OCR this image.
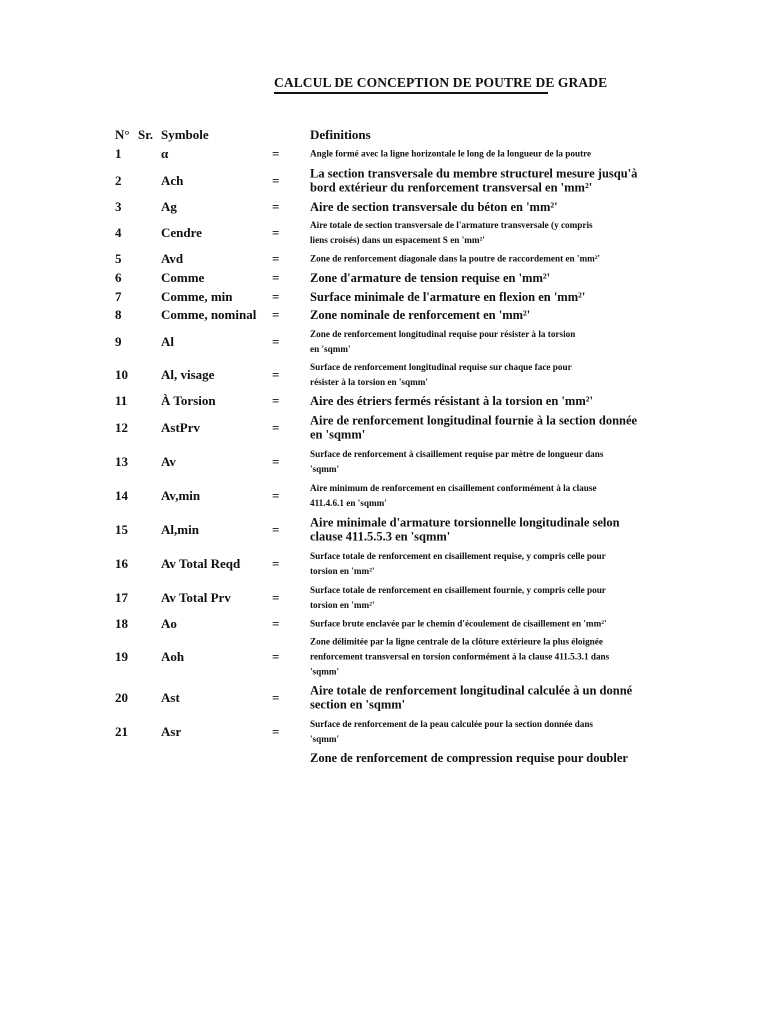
CALCUL DE CONCEPTION DE POUTRE DE GRADE
N° Sr. Symbole	Definitions
1	α	=	Angle formé avec la ligne horizontale le long de la longueur de la poutre
2	Ach	= La section transversale du membre structurel mesure jusqu'à
bord extérieur du renforcement transversal en 'mm²'
3	Ag	= Aire de section transversale du béton en 'mm²'
4	Cendre	=	Aire totale de section transversale de l'armature transversale (y compris
liens croisés) dans un espacement S en 'mm²'
5	Avd	=	Zone de renforcement diagonale dans la poutre de raccordement en 'mm²'
6	Comme	= Zone d'armature de tension requise en 'mm²'
7	Comme, min	= Surface minimale de l'armature en flexion en 'mm²'
8	Comme, nominal = Zone nominale de renforcement en 'mm²'
9	Al	=	Zone de renforcement longitudinal requise pour résister à la torsion
en 'sqmm'
10	Al, visage	=	Surface de renforcement longitudinal requise sur chaque face pour
résister à la torsion en 'sqmm'
11	À Torsion	= Aire des étriers fermés résistant à la torsion en 'mm²'
12	AstPrv	= Aire de renforcement longitudinal fournie à la section donnée
en 'sqmm'
13	Av	=	Surface de renforcement à cisaillement requise par mètre de longueur dans
'sqmm'
14	Av,min	=	Aire minimum de renforcement en cisaillement conformément à la clause
411.4.6.1 en 'sqmm'
15	Al,min	= Aire minimale d'armature torsionnelle longitudinale selon
clause 411.5.5.3 en 'sqmm'
16	Av Total Reqd =	Surface totale de renforcement en cisaillement requise, y compris celle pour
torsion en 'mm²'
17	Av Total Prv	=	Surface totale de renforcement en cisaillement fournie, y compris celle pour
torsion en 'mm²'
18	Ao	=	Surface brute enclavée par le chemin d'écoulement de cisaillement en 'mm²'
19	Aoh	=
Zone délimitée par la ligne centrale de la clôture extérieure la plus éloignée
renforcement transversal en torsion conformément à la clause 411.5.3.1 dans
'sqmm'
20	Ast	= Aire totale de renforcement longitudinal calculée à un donné
section en 'sqmm'
21	Asr	=	Surface de renforcement de la peau calculée pour la section donnée dans
'sqmm'
Zone de renforcement de compression requise pour doubler
